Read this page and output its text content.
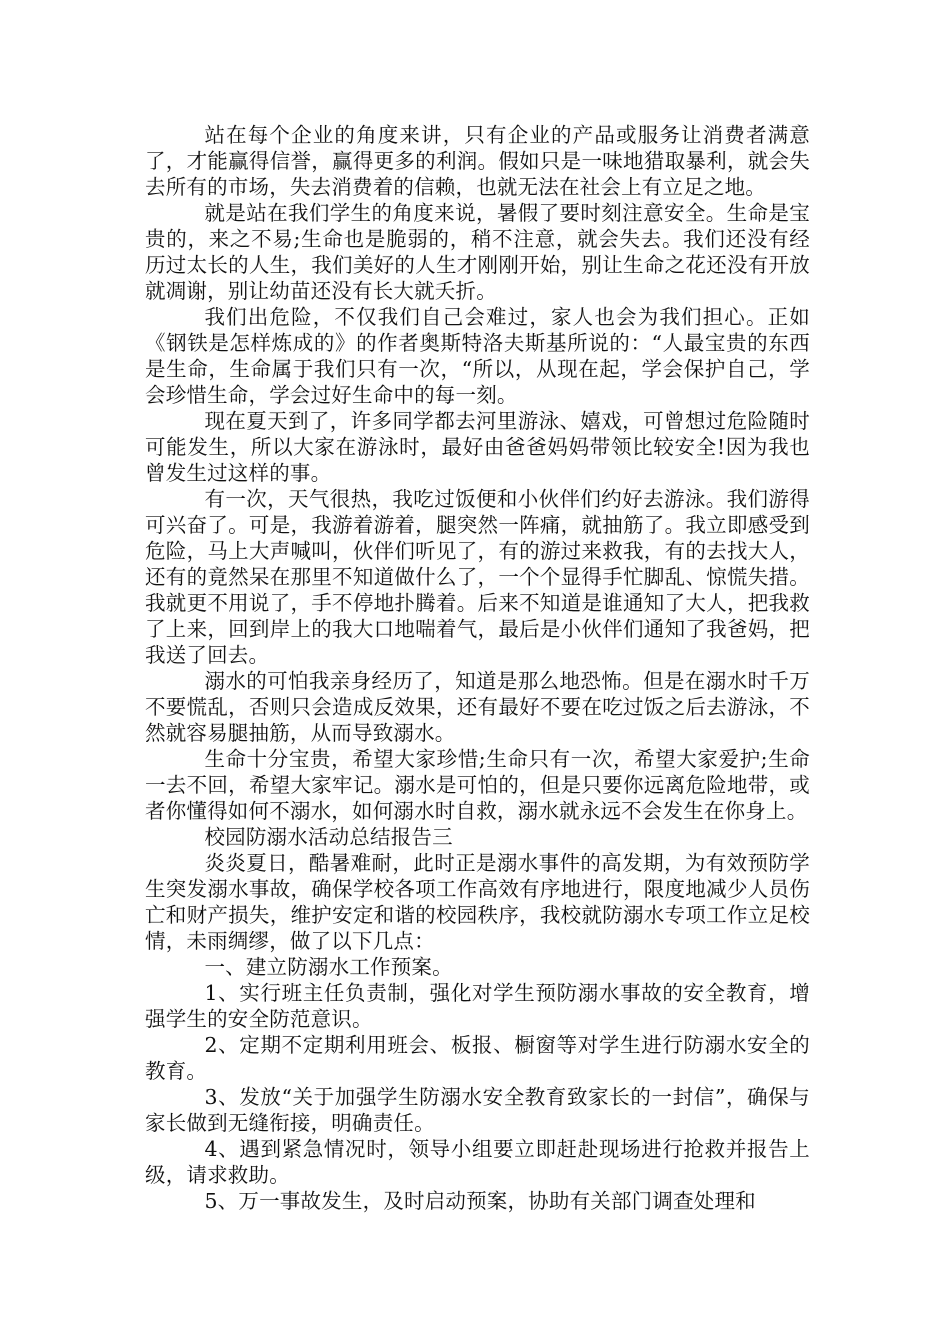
站在每个企业的角度来讲，只有企业的产品或服务让消费者满意了，才能赢得信誉，赢得更多的利润。假如只是一味地猎取暴利，就会失去所有的市场，失去消费着的信赖，也就无法在社会上有立足之地。

就是站在我们学生的角度来说，暑假了要时刻注意安全。生命是宝贵的，来之不易;生命也是脆弱的，稍不注意，就会失去。我们还没有经历过太长的人生，我们美好的人生才刚刚开始，别让生命之花还没有开放就凋谢，别让幼苗还没有长大就夭折。

我们出危险，不仅我们自己会难过，家人也会为我们担心。正如《钢铁是怎样炼成的》的作者奥斯特洛夫斯基所说的：“人最宝贵的东西是生命，生命属于我们只有一次，“所以，从现在起，学会保护自己，学会珍惜生命，学会过好生命中的每一刻。

现在夏天到了，许多同学都去河里游泳、嬉戏，可曾想过危险随时可能发生，所以大家在游泳时，最好由爸爸妈妈带领比较安全!因为我也曾发生过这样的事。

有一次，天气很热，我吃过饭便和小伙伴们约好去游泳。我们游得可兴奋了。可是，我游着游着，腿突然一阵痛，就抽筋了。我立即感受到危险，马上大声喊叫，伙伴们听见了，有的游过来救我，有的去找大人，还有的竟然呆在那里不知道做什么了，一个个显得手忙脚乱、惊慌失措。我就更不用说了，手不停地扑腾着。后来不知道是谁通知了大人，把我救了上来，回到岸上的我大口地喘着气，最后是小伙伴们通知了我爸妈，把我送了回去。

溺水的可怕我亲身经历了，知道是那么地恐怖。但是在溺水时千万不要慌乱，否则只会造成反效果，还有最好不要在吃过饭之后去游泳，不然就容易腿抽筋，从而导致溺水。

生命十分宝贵，希望大家珍惜;生命只有一次，希望大家爱护;生命一去不回，希望大家牢记。溺水是可怕的，但是只要你远离危险地带，或者你懂得如何不溺水，如何溺水时自救，溺水就永远不会发生在你身上。

校园防溺水活动总结报告三

炎炎夏日，酷暑难耐，此时正是溺水事件的高发期，为有效预防学生突发溺水事故，确保学校各项工作高效有序地进行，限度地减少人员伤亡和财产损失，维护安定和谐的校园秩序，我校就防溺水专项工作立足校情，未雨绸缪，做了以下几点：

一、建立防溺水工作预案。

1、实行班主任负责制，强化对学生预防溺水事故的安全教育，增强学生的安全防范意识。

2、定期不定期利用班会、板报、橱窗等对学生进行防溺水安全的教育。

3、发放“关于加强学生防溺水安全教育致家长的一封信”，确保与家长做到无缝衔接，明确责任。

4、遇到紧急情况时，领导小组要立即赶赴现场进行抢救并报告上级，请求救助。

5、万一事故发生，及时启动预案，协助有关部门调查处理和
